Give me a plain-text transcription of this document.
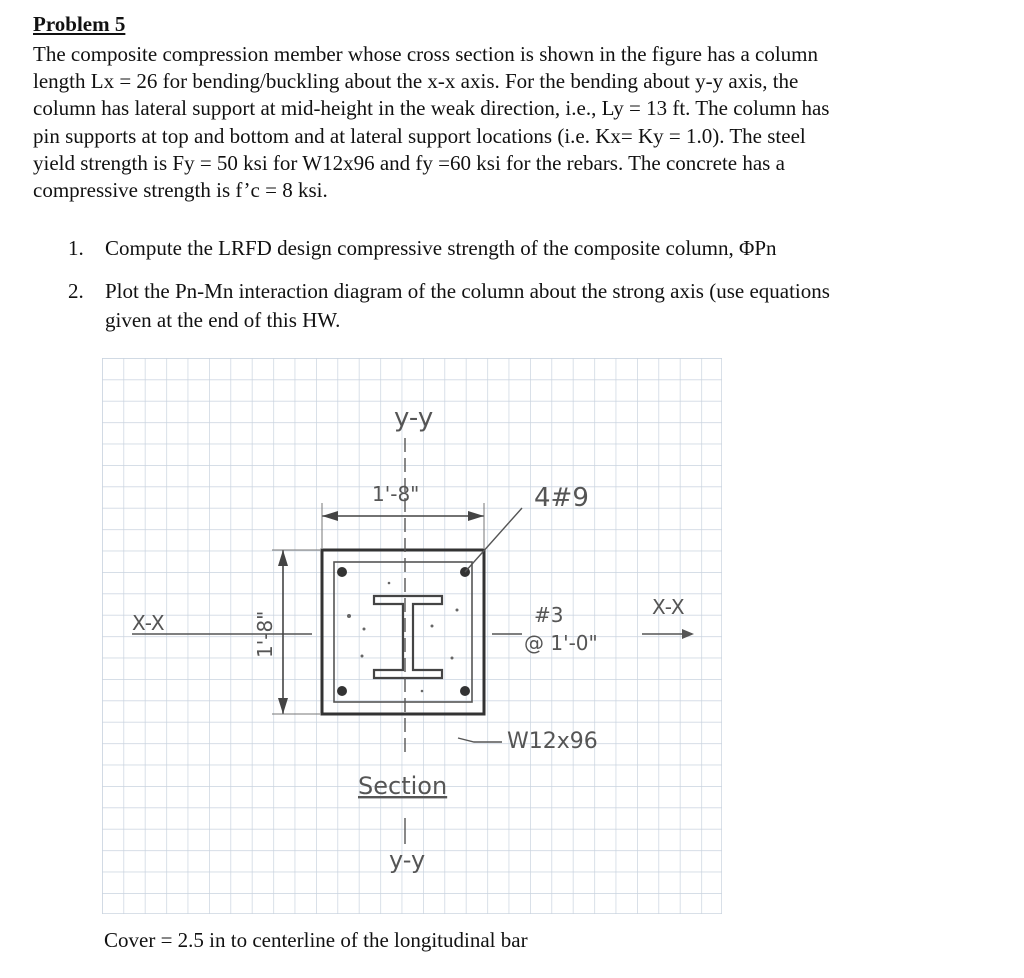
Problem 5
The composite compression member whose cross section is shown in the figure has a column
length Lx = 26 for bending/buckling about the x-x axis. For the bending about y-y axis, the
column has lateral support at mid-height in the weak direction, i.e., Ly = 13 ft. The column has
pin supports at top and bottom and at lateral support locations (i.e. Kx= Ky = 1.0). The steel
yield strength is Fy = 50 ksi for W12x96 and fy =60 ksi for the rebars. The concrete has a
compressive strength is f’c = 8 ksi.
1. Compute the LRFD design compressive strength of the composite column, ΦPn
2. Plot the Pn-Mn interaction diagram of the column about the strong axis (use equations
given at the end of this HW.
y-y
y-y
X-X
X-X
1'-8"
1'-8"
4#9
#3
@ 1'-0"
W12x96
Section
Cover = 2.5 in to centerline of the longitudinal bar
